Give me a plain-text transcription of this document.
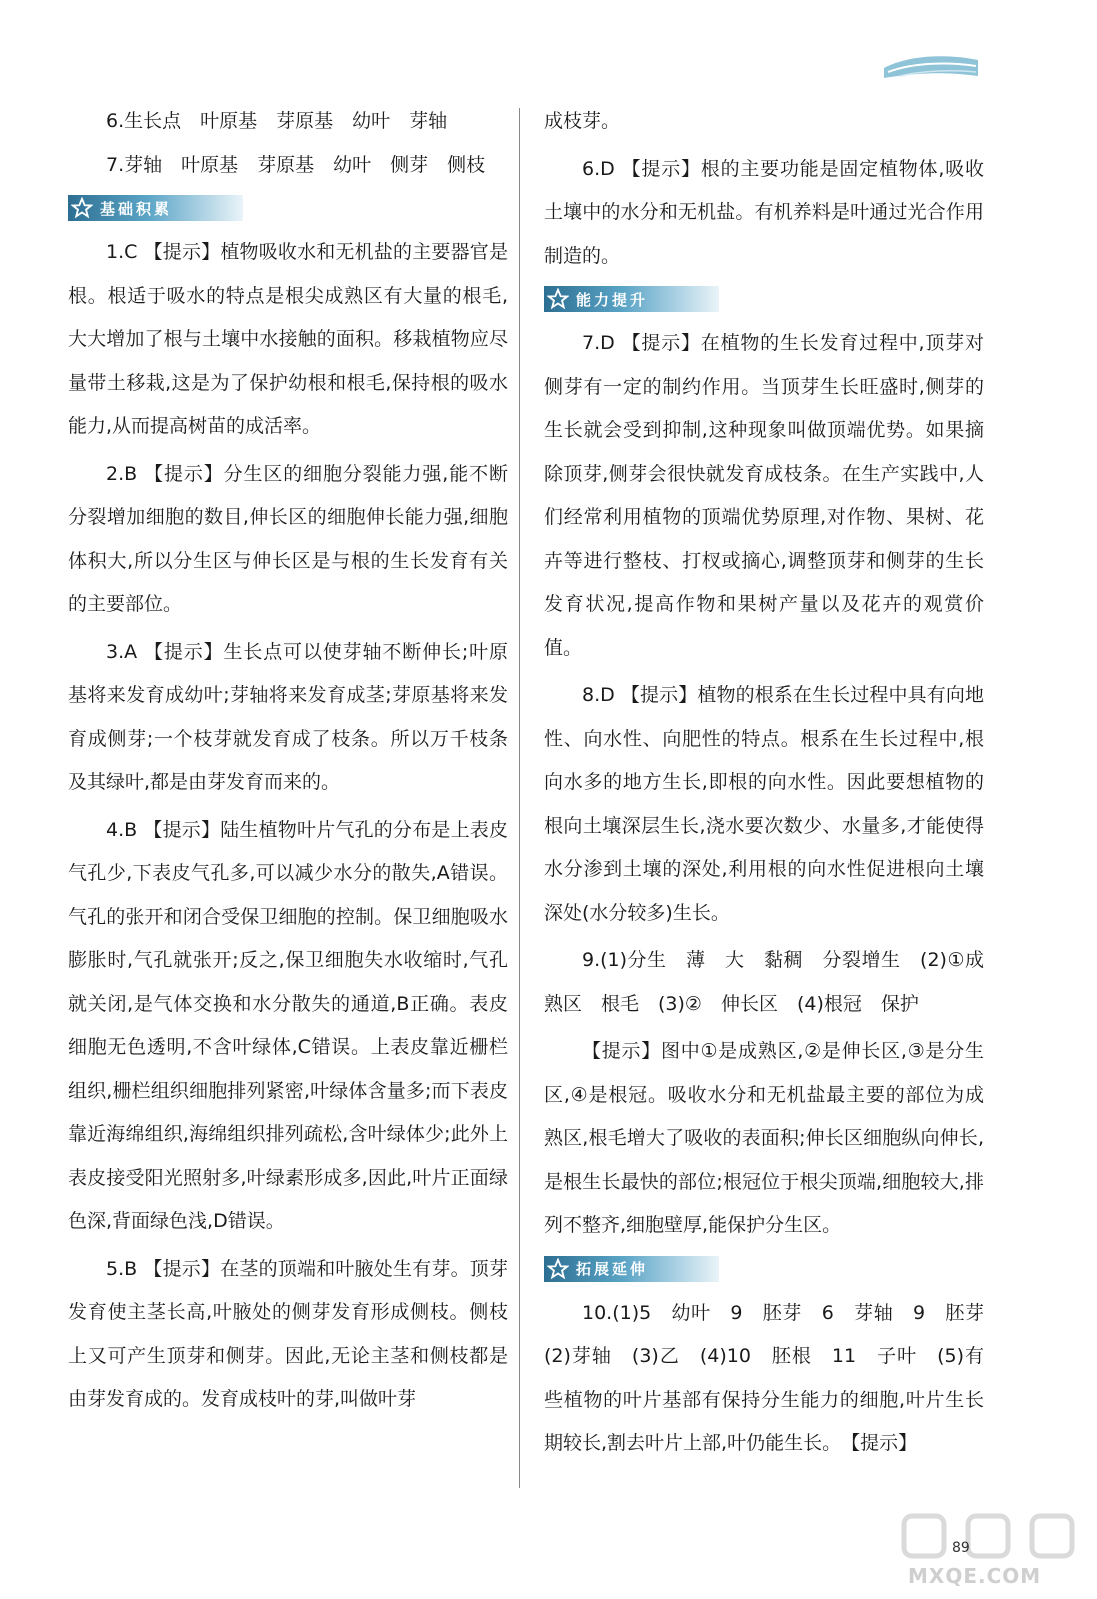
6.生长点　叶原基　芽原基　幼叶　芽轴

7.芽轴　叶原基　芽原基　幼叶　侧芽　侧枝

基础积累

1.C 【提示】植物吸收水和无机盐的主要器官是根。根适于吸水的特点是根尖成熟区有大量的根毛,大大增加了根与土壤中水接触的面积。移栽植物应尽量带土移栽,这是为了保护幼根和根毛,保持根的吸水能力,从而提高树苗的成活率。

2.B 【提示】分生区的细胞分裂能力强,能不断分裂增加细胞的数目,伸长区的细胞伸长能力强,细胞体积大,所以分生区与伸长区是与根的生长发育有关的主要部位。

3.A 【提示】生长点可以使芽轴不断伸长;叶原基将来发育成幼叶;芽轴将来发育成茎;芽原基将来发育成侧芽;一个枝芽就发育成了枝条。所以万千枝条及其绿叶,都是由芽发育而来的。

4.B 【提示】陆生植物叶片气孔的分布是上表皮气孔少,下表皮气孔多,可以减少水分的散失,A错误。气孔的张开和闭合受保卫细胞的控制。保卫细胞吸水膨胀时,气孔就张开;反之,保卫细胞失水收缩时,气孔就关闭,是气体交换和水分散失的通道,B正确。表皮细胞无色透明,不含叶绿体,C错误。上表皮靠近栅栏组织,栅栏组织细胞排列紧密,叶绿体含量多;而下表皮靠近海绵组织,海绵组织排列疏松,含叶绿体少;此外上表皮接受阳光照射多,叶绿素形成多,因此,叶片正面绿色深,背面绿色浅,D错误。

5.B 【提示】在茎的顶端和叶腋处生有芽。顶芽发育使主茎长高,叶腋处的侧芽发育形成侧枝。侧枝上又可产生顶芽和侧芽。因此,无论主茎和侧枝都是由芽发育成的。发育成枝叶的芽,叫做叶芽

成枝芽。

6.D 【提示】根的主要功能是固定植物体,吸收土壤中的水分和无机盐。有机养料是叶通过光合作用制造的。

能力提升

7.D 【提示】在植物的生长发育过程中,顶芽对侧芽有一定的制约作用。当顶芽生长旺盛时,侧芽的生长就会受到抑制,这种现象叫做顶端优势。如果摘除顶芽,侧芽会很快就发育成枝条。在生产实践中,人们经常利用植物的顶端优势原理,对作物、果树、花卉等进行整枝、打杈或摘心,调整顶芽和侧芽的生长发育状况,提高作物和果树产量以及花卉的观赏价值。

8.D 【提示】植物的根系在生长过程中具有向地性、向水性、向肥性的特点。根系在生长过程中,根向水多的地方生长,即根的向水性。因此要想植物的根向土壤深层生长,浇水要次数少、水量多,才能使得水分渗到土壤的深处,利用根的向水性促进根向土壤深处(水分较多)生长。

9.(1)分生　薄　大　黏稠　分裂增生　(2)①成熟区　根毛　(3)②　伸长区　(4)根冠　保护

【提示】图中①是成熟区,②是伸长区,③是分生区,④是根冠。吸收水分和无机盐最主要的部位为成熟区,根毛增大了吸收的表面积;伸长区细胞纵向伸长,是根生长最快的部位;根冠位于根尖顶端,细胞较大,排列不整齐,细胞壁厚,能保护分生区。

拓展延伸

10.(1)5　幼叶　9　胚芽　6　芽轴　9　胚芽(2)芽轴　(3)乙　(4)10　胚根　11　子叶　(5)有些植物的叶片基部有保持分生能力的细胞,叶片生长期较长,割去叶片上部,叶仍能生长。　【提示】

89
MXQE.COM
